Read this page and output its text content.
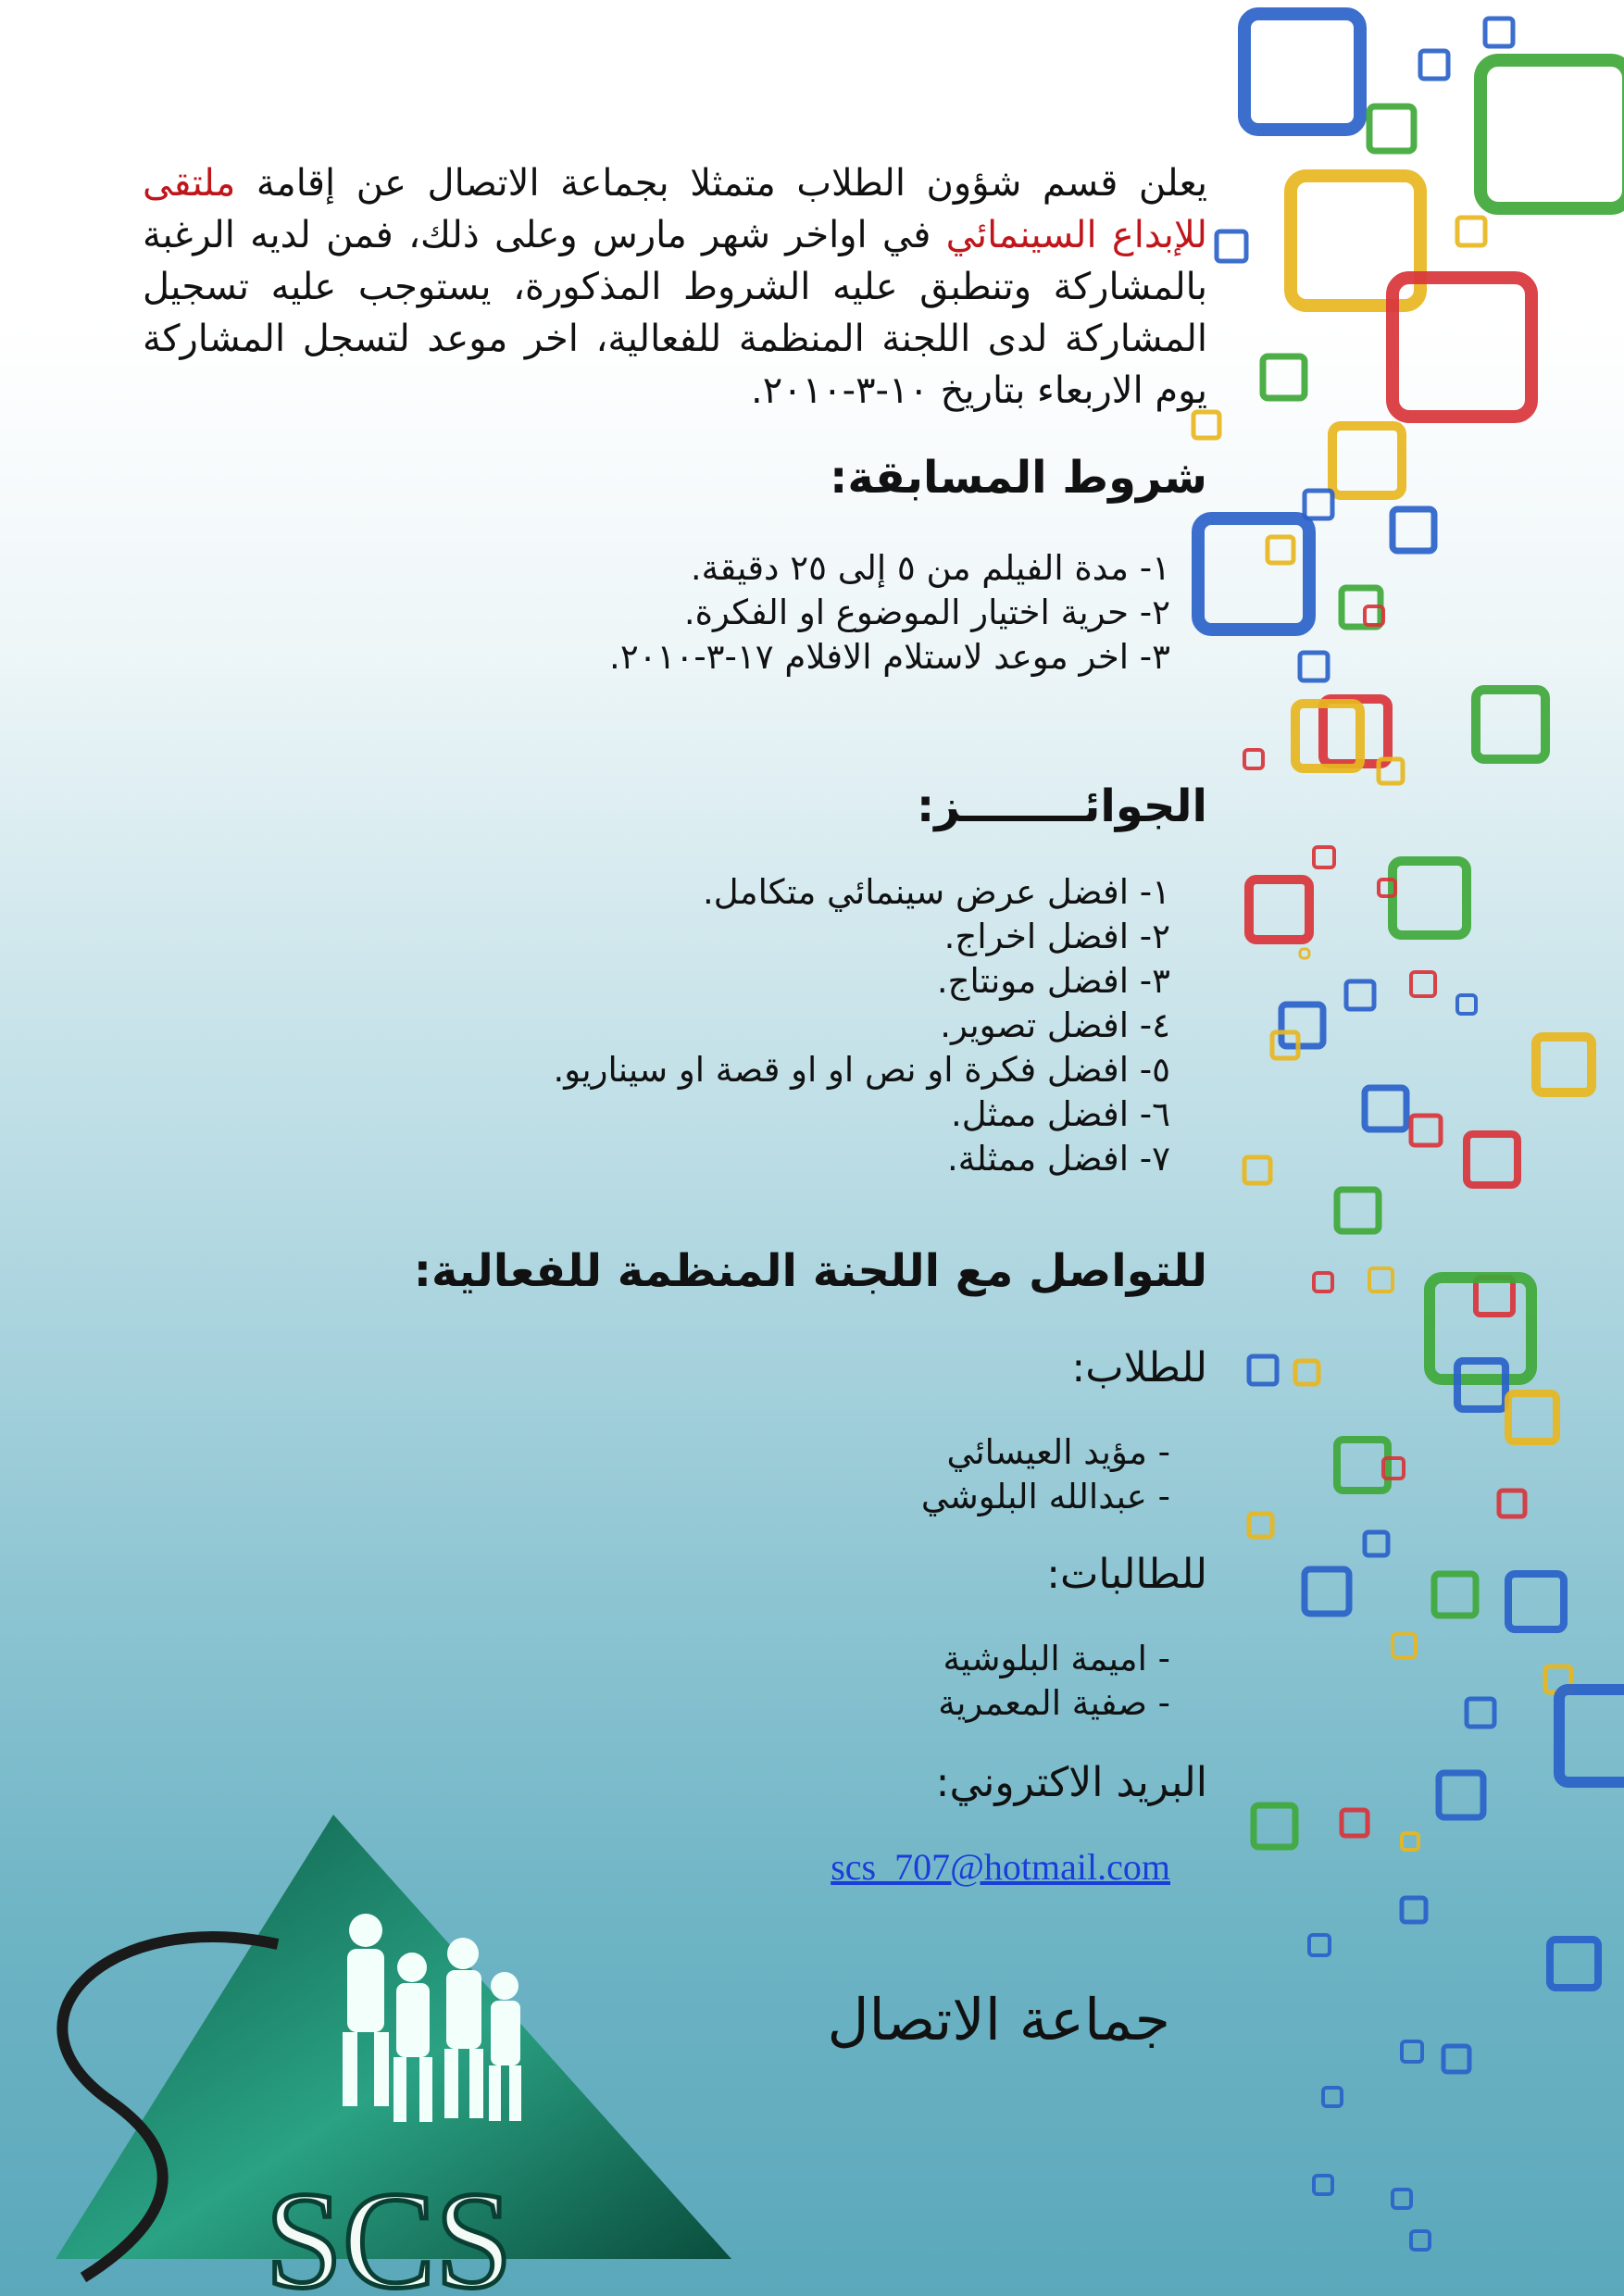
يعلن قسم شؤون الطلاب متمثلا بجماعة الاتصال عن إقامة ملتقى للإبداع السينمائي في اواخر شهر مارس وعلى ذلك، فمن لديه الرغبة بالمشاركة وتنطبق عليه الشروط المذكورة، يستوجب عليه تسجيل المشاركة لدى اللجنة المنظمة للفعالية، اخر موعد لتسجل المشاركة يوم الاربعاء بتاريخ ١٠-٣-٢٠١٠.
شروط المسابقة:
١- مدة الفيلم من ٥ إلى ٢٥ دقيقة.
٢- حرية اختيار الموضوع او الفكرة.
٣- اخر موعد لاستلام الافلام ١٧-٣-٢٠١٠.
الجوائــــــــز:
١- افضل عرض سينمائي متكامل.
٢- افضل اخراج.
٣- افضل مونتاج.
٤- افضل تصوير.
٥- افضل فكرة او نص او او قصة او سيناريو.
٦- افضل ممثل.
٧- افضل ممثلة.
للتواصل مع اللجنة المنظمة للفعالية:
للطلاب:
- مؤيد العيسائي
- عبدالله البلوشي
للطالبات:
- اميمة البلوشية
- صفية المعمرية
البريد الاكتروني:
scs_707@hotmail.com
جماعة الاتصال
SCS
